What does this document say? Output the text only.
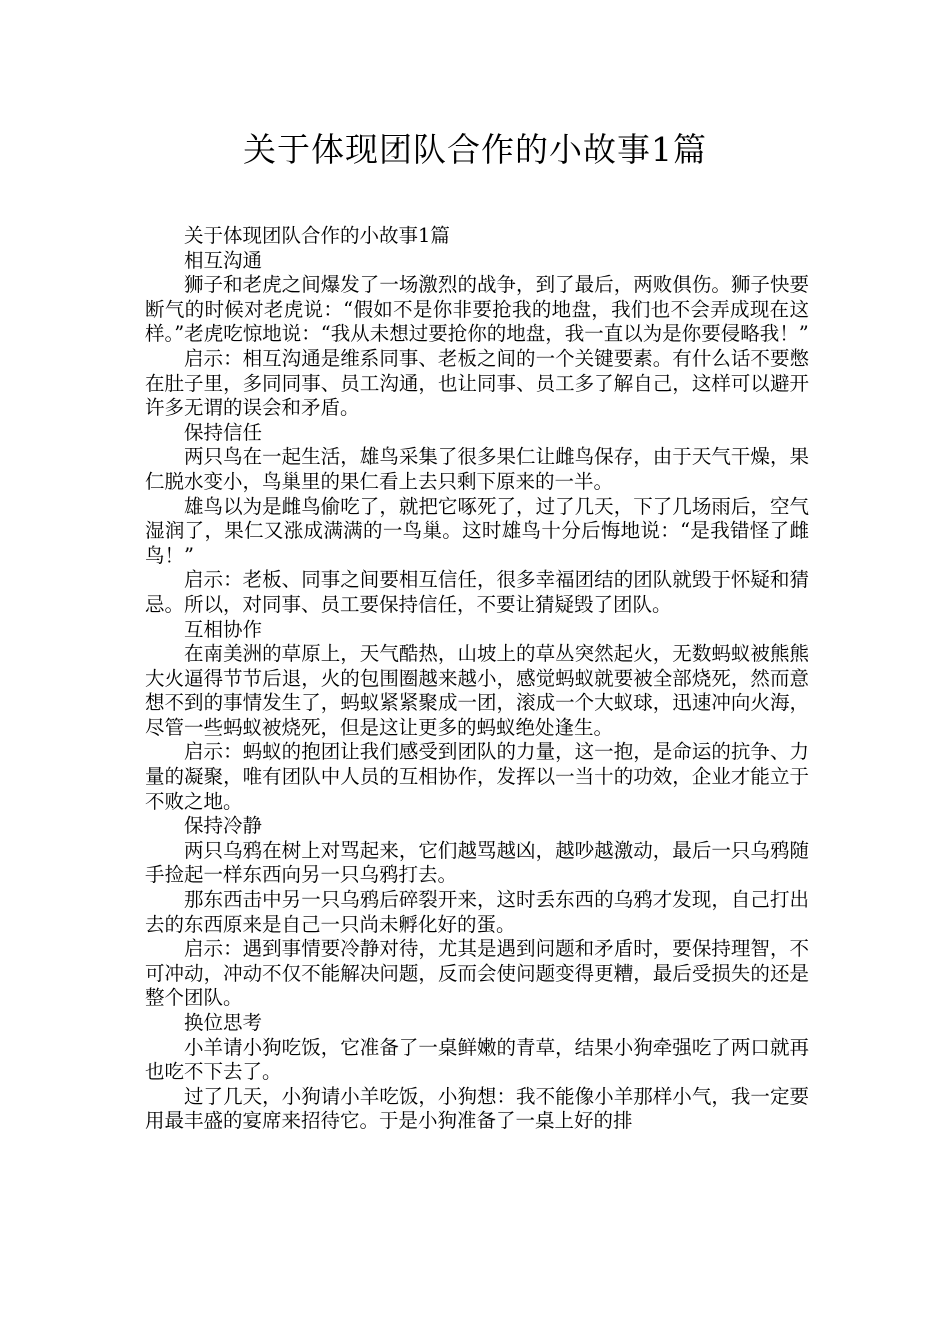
关于体现团队合作的小故事1篇

关于体现团队合作的小故事1篇

相互沟通

狮子和老虎之间爆发了一场激烈的战争，到了最后，两败俱伤。狮子快要断气的时候对老虎说：“假如不是你非要抢我的地盘，我们也不会弄成现在这样。”老虎吃惊地说：“我从未想过要抢你的地盘，我一直以为是你要侵略我！”

启示：相互沟通是维系同事、老板之间的一个关键要素。有什么话不要憋在肚子里，多同同事、员工沟通，也让同事、员工多了解自己，这样可以避开许多无谓的误会和矛盾。

保持信任

两只鸟在一起生活，雄鸟采集了很多果仁让雌鸟保存，由于天气干燥，果仁脱水变小，鸟巢里的果仁看上去只剩下原来的一半。

雄鸟以为是雌鸟偷吃了，就把它啄死了，过了几天，下了几场雨后，空气湿润了，果仁又涨成满满的一鸟巢。这时雄鸟十分后悔地说：“是我错怪了雌鸟！”

启示：老板、同事之间要相互信任，很多幸福团结的团队就毁于怀疑和猜忌。所以，对同事、员工要保持信任，不要让猜疑毁了团队。

互相协作

在南美洲的草原上，天气酷热，山坡上的草丛突然起火，无数蚂蚁被熊熊大火逼得节节后退，火的包围圈越来越小，感觉蚂蚁就要被全部烧死，然而意想不到的事情发生了，蚂蚁紧紧聚成一团，滚成一个大蚁球，迅速冲向火海，尽管一些蚂蚁被烧死，但是这让更多的蚂蚁绝处逢生。

启示：蚂蚁的抱团让我们感受到团队的力量，这一抱，是命运的抗争、力量的凝聚，唯有团队中人员的互相协作，发挥以一当十的功效，企业才能立于不败之地。

保持冷静

两只乌鸦在树上对骂起来，它们越骂越凶，越吵越激动，最后一只乌鸦随手捡起一样东西向另一只乌鸦打去。

那东西击中另一只乌鸦后碎裂开来，这时丢东西的乌鸦才发现，自己打出去的东西原来是自己一只尚未孵化好的蛋。

启示：遇到事情要冷静对待，尤其是遇到问题和矛盾时，要保持理智，不可冲动，冲动不仅不能解决问题，反而会使问题变得更糟，最后受损失的还是整个团队。

换位思考

小羊请小狗吃饭，它准备了一桌鲜嫩的青草，结果小狗牵强吃了两口就再也吃不下去了。

过了几天，小狗请小羊吃饭，小狗想：我不能像小羊那样小气，我一定要用最丰盛的宴席来招待它。于是小狗准备了一桌上好的排
